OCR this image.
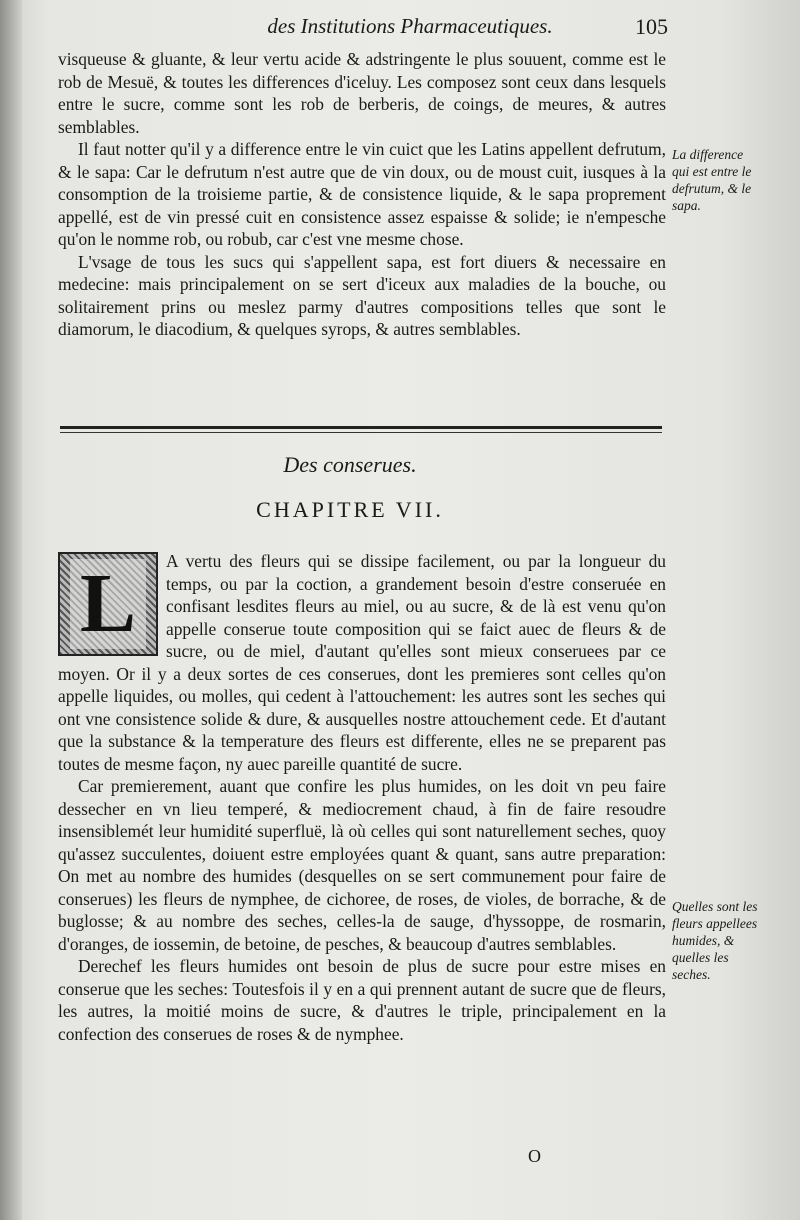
des Institutions Pharmaceutiques.	105

visqueuse & gluante, & leur vertu acide & adstringente le plus souuent, comme est le rob de Mesuë, & toutes les differences d'iceluy. Les composez sont ceux dans lesquels entre le sucre, comme sont les rob de berberis, de coings, de meures, & autres semblables.

Il faut notter qu'il y a difference entre le vin cuict que les Latins appellent defrutum, & le sapa: Car le defrutum n'est autre que de vin doux, ou de moust cuit, iusques à la consomption de la troisieme partie, & de consistence liquide, & le sapa proprement appellé, est de vin pressé cuit en consistence assez espaisse & solide; ie n'empesche qu'on le nomme rob, ou robub, car c'est vne mesme chose.

L'vsage de tous les sucs qui s'appellent sapa, est fort diuers & necessaire en medecine: mais principalement on se sert d'iceux aux maladies de la bouche, ou solitairement prins ou meslez parmy d'autres compositions telles que sont le diamorum, le diacodium, & quelques syrops, & autres semblables.

La difference qui est entre le defrutum, & le sapa.
Des conserues.
CHAPITRE VII.
L	A vertu des fleurs qui se dissipe facilement, ou par la longueur du temps, ou par la coction, a grandement besoin d'estre conseruée en confisant lesdites fleurs au miel, ou au sucre, & de là est venu qu'on appelle conserue toute composition qui se faict auec de fleurs & de sucre, ou de miel, d'autant qu'elles sont mieux conseruees par ce moyen. Or il y a deux sortes de ces conserues, dont les premieres sont celles qu'on appelle liquides, ou molles, qui cedent à l'attouchement: les autres sont les seches qui ont vne consistence solide & dure, & ausquelles nostre attouchement cede. Et d'autant que la substance & la temperature des fleurs est differente, elles ne se preparent pas toutes de mesme façon, ny auec pareille quantité de sucre.

Car premierement, auant que confire les plus humides, on les doit vn peu faire dessecher en vn lieu temperé, & mediocrement chaud, à fin de faire resoudre insensiblemét leur humidité superfluë, là où celles qui sont naturellement seches, quoy qu'assez succulentes, doiuent estre employées quant & quant, sans autre preparation: On met au nombre des humides (desquelles on se sert communement pour faire de conserues) les fleurs de nymphee, de cichoree, de roses, de violes, de borrache, & de buglosse; & au nombre des seches, celles-la de sauge, d'hyssoppe, de rosmarin, d'oranges, de iossemin, de betoine, de pesches, & beaucoup d'autres semblables.

Derechef les fleurs humides ont besoin de plus de sucre pour estre mises en conserue que les seches: Toutesfois il y en a qui prennent autant de sucre que de fleurs, les autres, la moitié moins de sucre, & d'autres le triple, principalement en la confection des conserues de roses & de nymphee.

Quelles sont les fleurs appellees humides, & quelles les seches.
O
